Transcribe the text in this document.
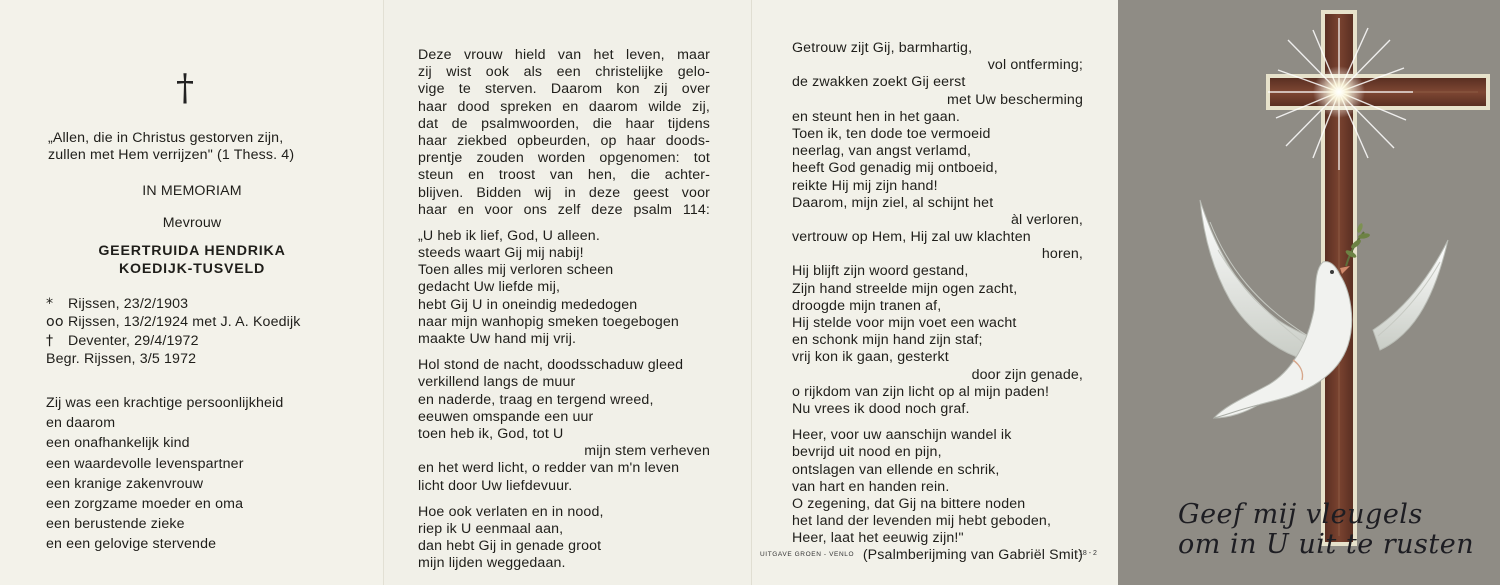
†
„Allen, die in Christus gestorven zijn,
zullen met Hem verrijzen" (1 Thess. 4)
IN MEMORIAM
Mevrouw
GEERTRUIDA HENDRIKA
KOEDIJK-TUSVELD
* Rijssen, 23/2/1903
oo Rijssen, 13/2/1924 met J. A. Koedijk
† Deventer, 29/4/1972
Begr. Rijssen, 3/5 1972
Zij was een krachtige persoonlijkheid
en daarom
een onafhankelijk kind
een waardevolle levenspartner
een kranige zakenvrouw
een zorgzame moeder en oma
een berustende zieke
en een gelovige stervende
Deze vrouw hield van het leven, maar
zij wist ook als een christelijke gelo-
vige te sterven. Daarom kon zij over
haar dood spreken en daarom wilde zij,
dat de psalmwoorden, die haar tijdens
haar ziekbed opbeurden, op haar doods-
prentje zouden worden opgenomen: tot
steun en troost van hen, die achter-
blijven. Bidden wij in deze geest voor
haar en voor ons zelf deze psalm 114:
„U heb ik lief, God, U alleen.
steeds waart Gij mij nabij!
Toen alles mij verloren scheen
gedacht Uw liefde mij,
hebt Gij U in oneindig mededogen
naar mijn wanhopig smeken toegebogen
maakte Uw hand mij vrij.
Hol stond de nacht, doodsschaduw gleed
verkillend langs de muur
en naderde, traag en tergend wreed,
eeuwen omspande een uur
toen heb ik, God, tot U
mijn stem verheven
en het werd licht, o redder van m'n leven
licht door Uw liefdevuur.
Hoe ook verlaten en in nood,
riep ik U eenmaal aan,
dan hebt Gij in genade groot
mijn lijden weggedaan.
Getrouw zijt Gij, barmhartig,
vol ontferming;
de zwakken zoekt Gij eerst
met Uw bescherming
en steunt hen in het gaan.
Toen ik, ten dode toe vermoeid
neerlag, van angst verlamd,
heeft God genadig mij ontboeid,
reikte Hij mij zijn hand!
Daarom, mijn ziel, al schijnt het
àl verloren,
vertrouw op Hem, Hij zal uw klachten
horen,
Hij blijft zijn woord gestand,
Zijn hand streelde mijn ogen zacht,
droogde mijn tranen af,
Hij stelde voor mijn voet een wacht
en schonk mijn hand zijn staf;
vrij kon ik gaan, gesterkt
door zijn genade,
o rijkdom van zijn licht op al mijn paden!
Nu vrees ik dood noch graf.
Heer, voor uw aanschijn wandel ik
bevrijd uit nood en pijn,
ontslagen van ellende en schrik,
van hart en handen rein.
O zegening, dat Gij na bittere noden
het land der levenden mij hebt geboden,
Heer, laat het eeuwig zijn!"
(Psalmberijming van Gabriël Smit)
UITGAVE GROEN - VENLO	18 - 2
Geef mij vleugels
om in U uit te rusten
